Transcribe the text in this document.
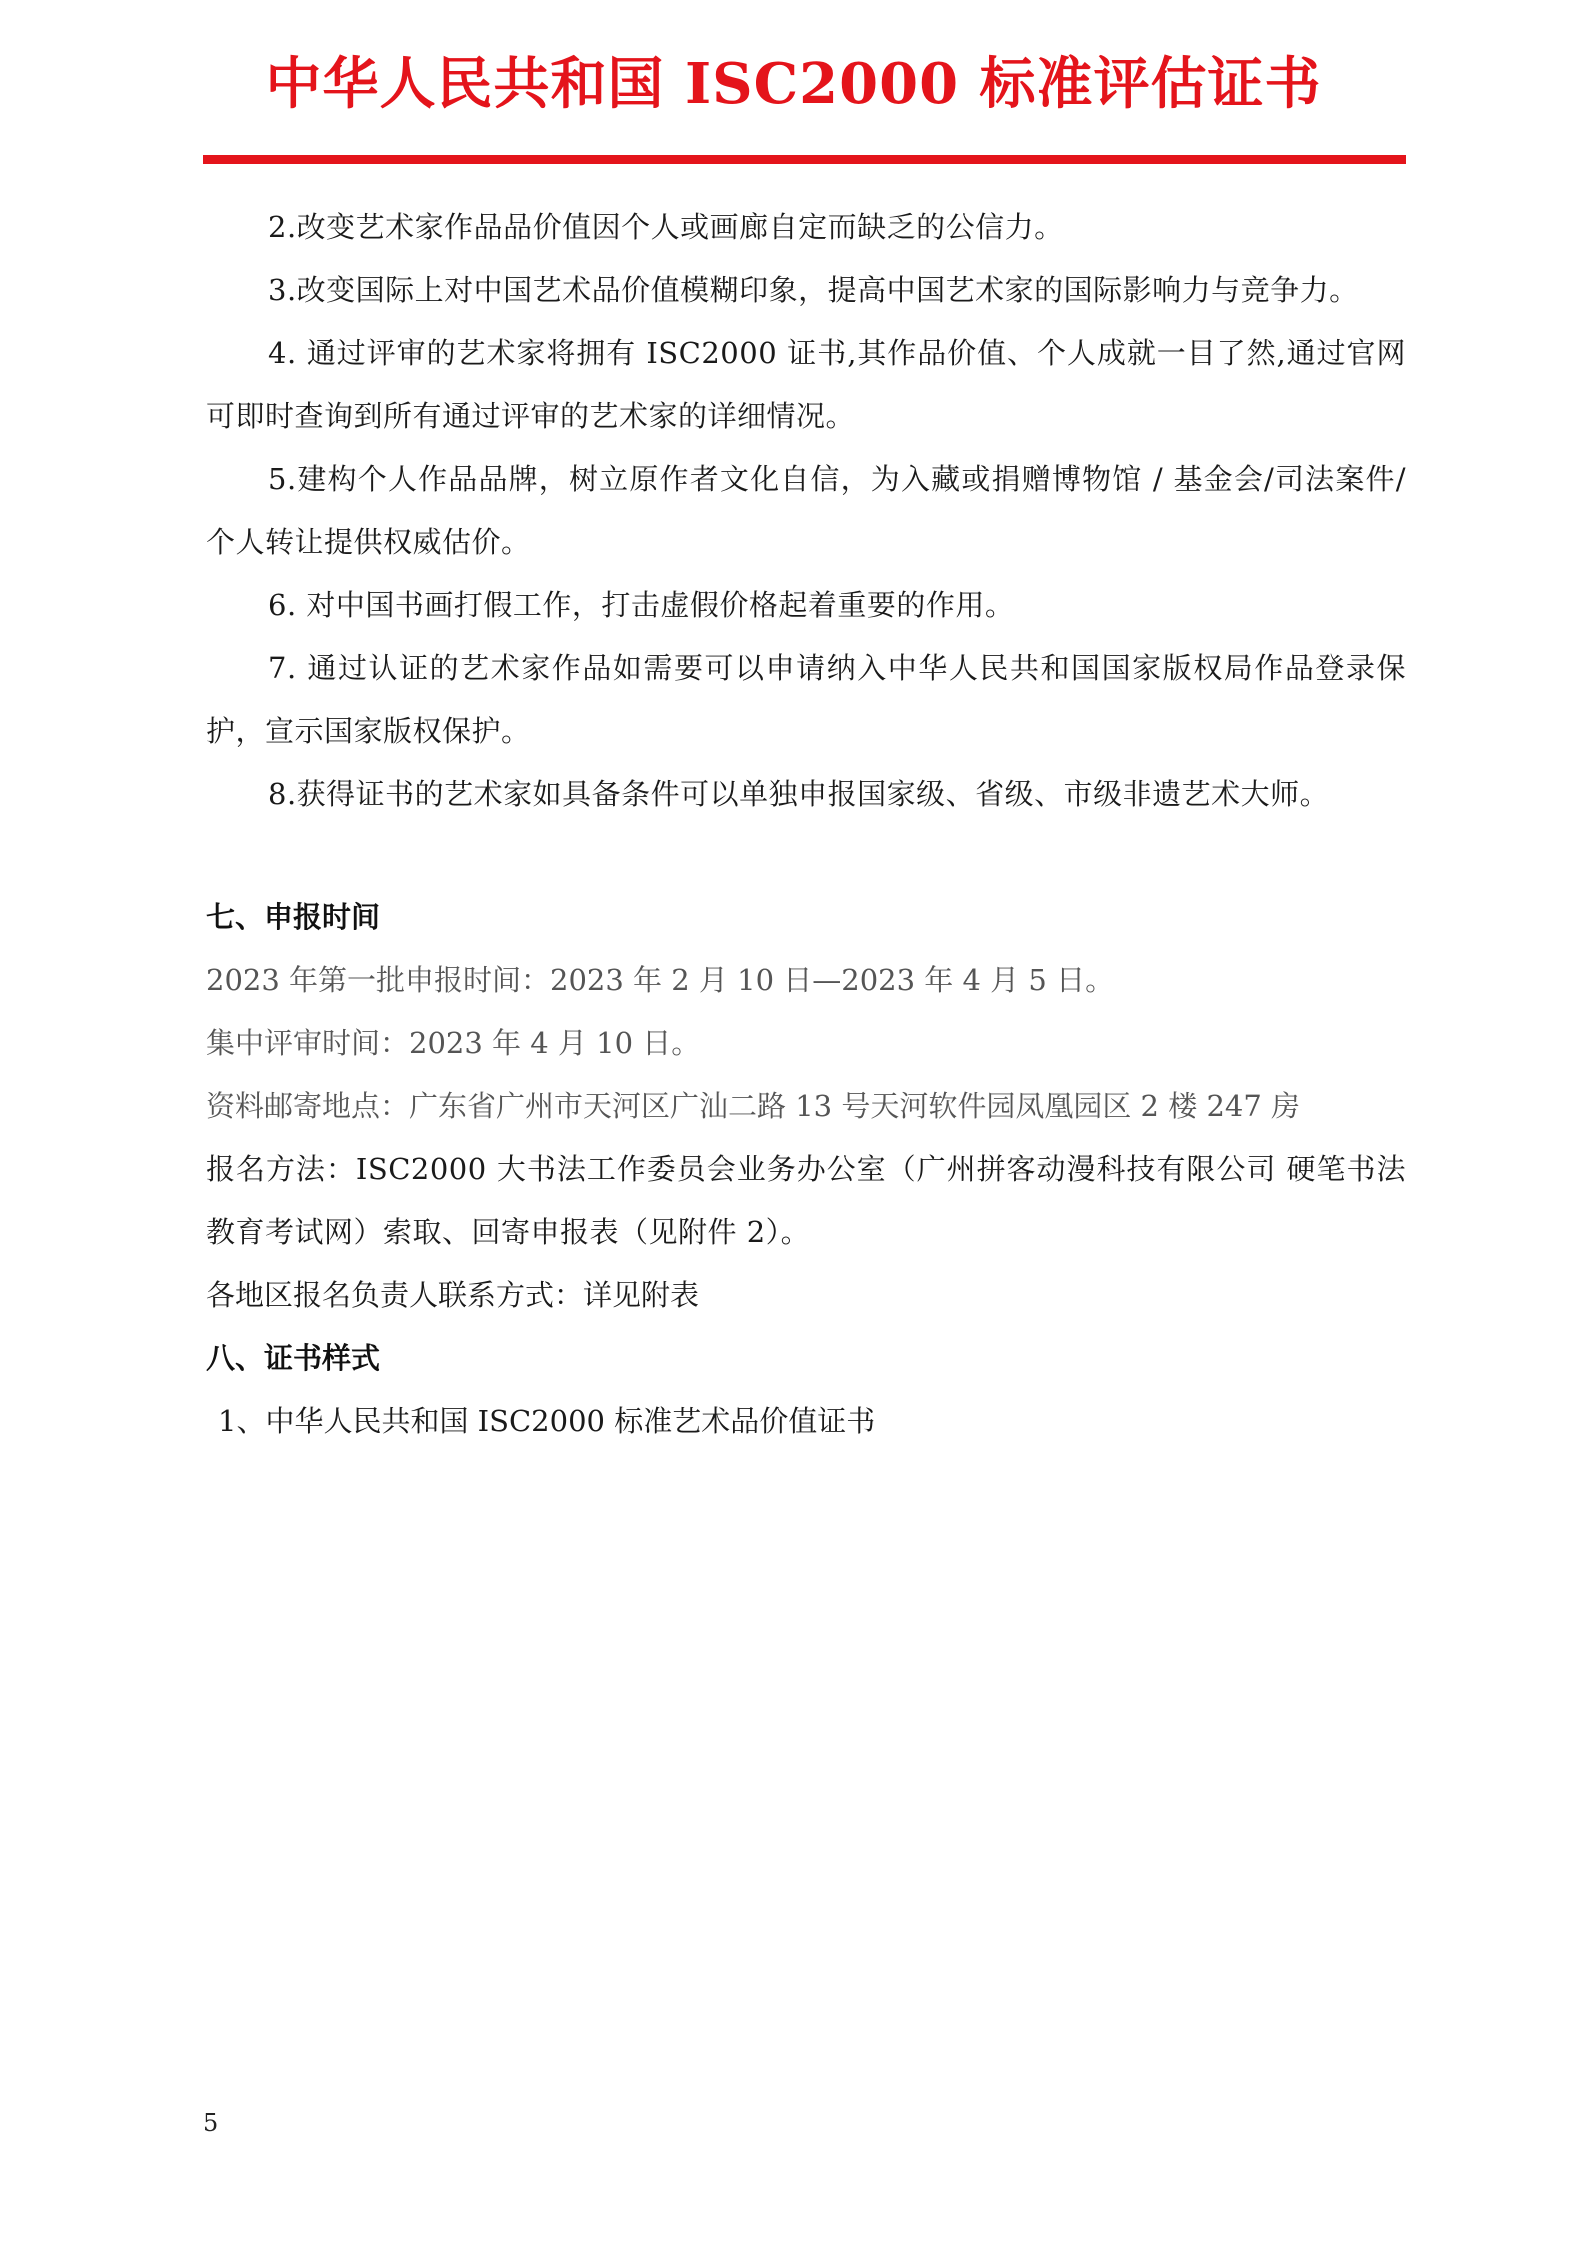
中华人民共和国 ISC2000 标准评估证书

2.改变艺术家作品品价值因个人或画廊自定而缺乏的公信力。

3.改变国际上对中国艺术品价值模糊印象，提高中国艺术家的国际影响力与竞争力。

4. 通过评审的艺术家将拥有 ISC2000 证书,其作品价值、个人成就一目了然,通过官网可即时查询到所有通过评审的艺术家的详细情况。

5.建构个人作品品牌，树立原作者文化自信，为入藏或捐赠博物馆 / 基金会/司法案件/个人转让提供权威估价。

6. 对中国书画打假工作，打击虚假价格起着重要的作用。

7. 通过认证的艺术家作品如需要可以申请纳入中华人民共和国国家版权局作品登录保护，宣示国家版权保护。

8.获得证书的艺术家如具备条件可以单独申报国家级、省级、市级非遗艺术大师。

七、申报时间

2023 年第一批申报时间：2023 年 2 月 10 日—2023 年 4 月 5 日。

集中评审时间：2023 年 4 月 10 日。

资料邮寄地点：广东省广州市天河区广汕二路 13 号天河软件园凤凰园区 2 楼 247 房

报名方法：ISC2000 大书法工作委员会业务办公室（广州拼客动漫科技有限公司 硬笔书法教育考试网）索取、回寄申报表（见附件 2）。

各地区报名负责人联系方式：详见附表

八、证书样式

1、中华人民共和国 ISC2000 标准艺术品价值证书

5
